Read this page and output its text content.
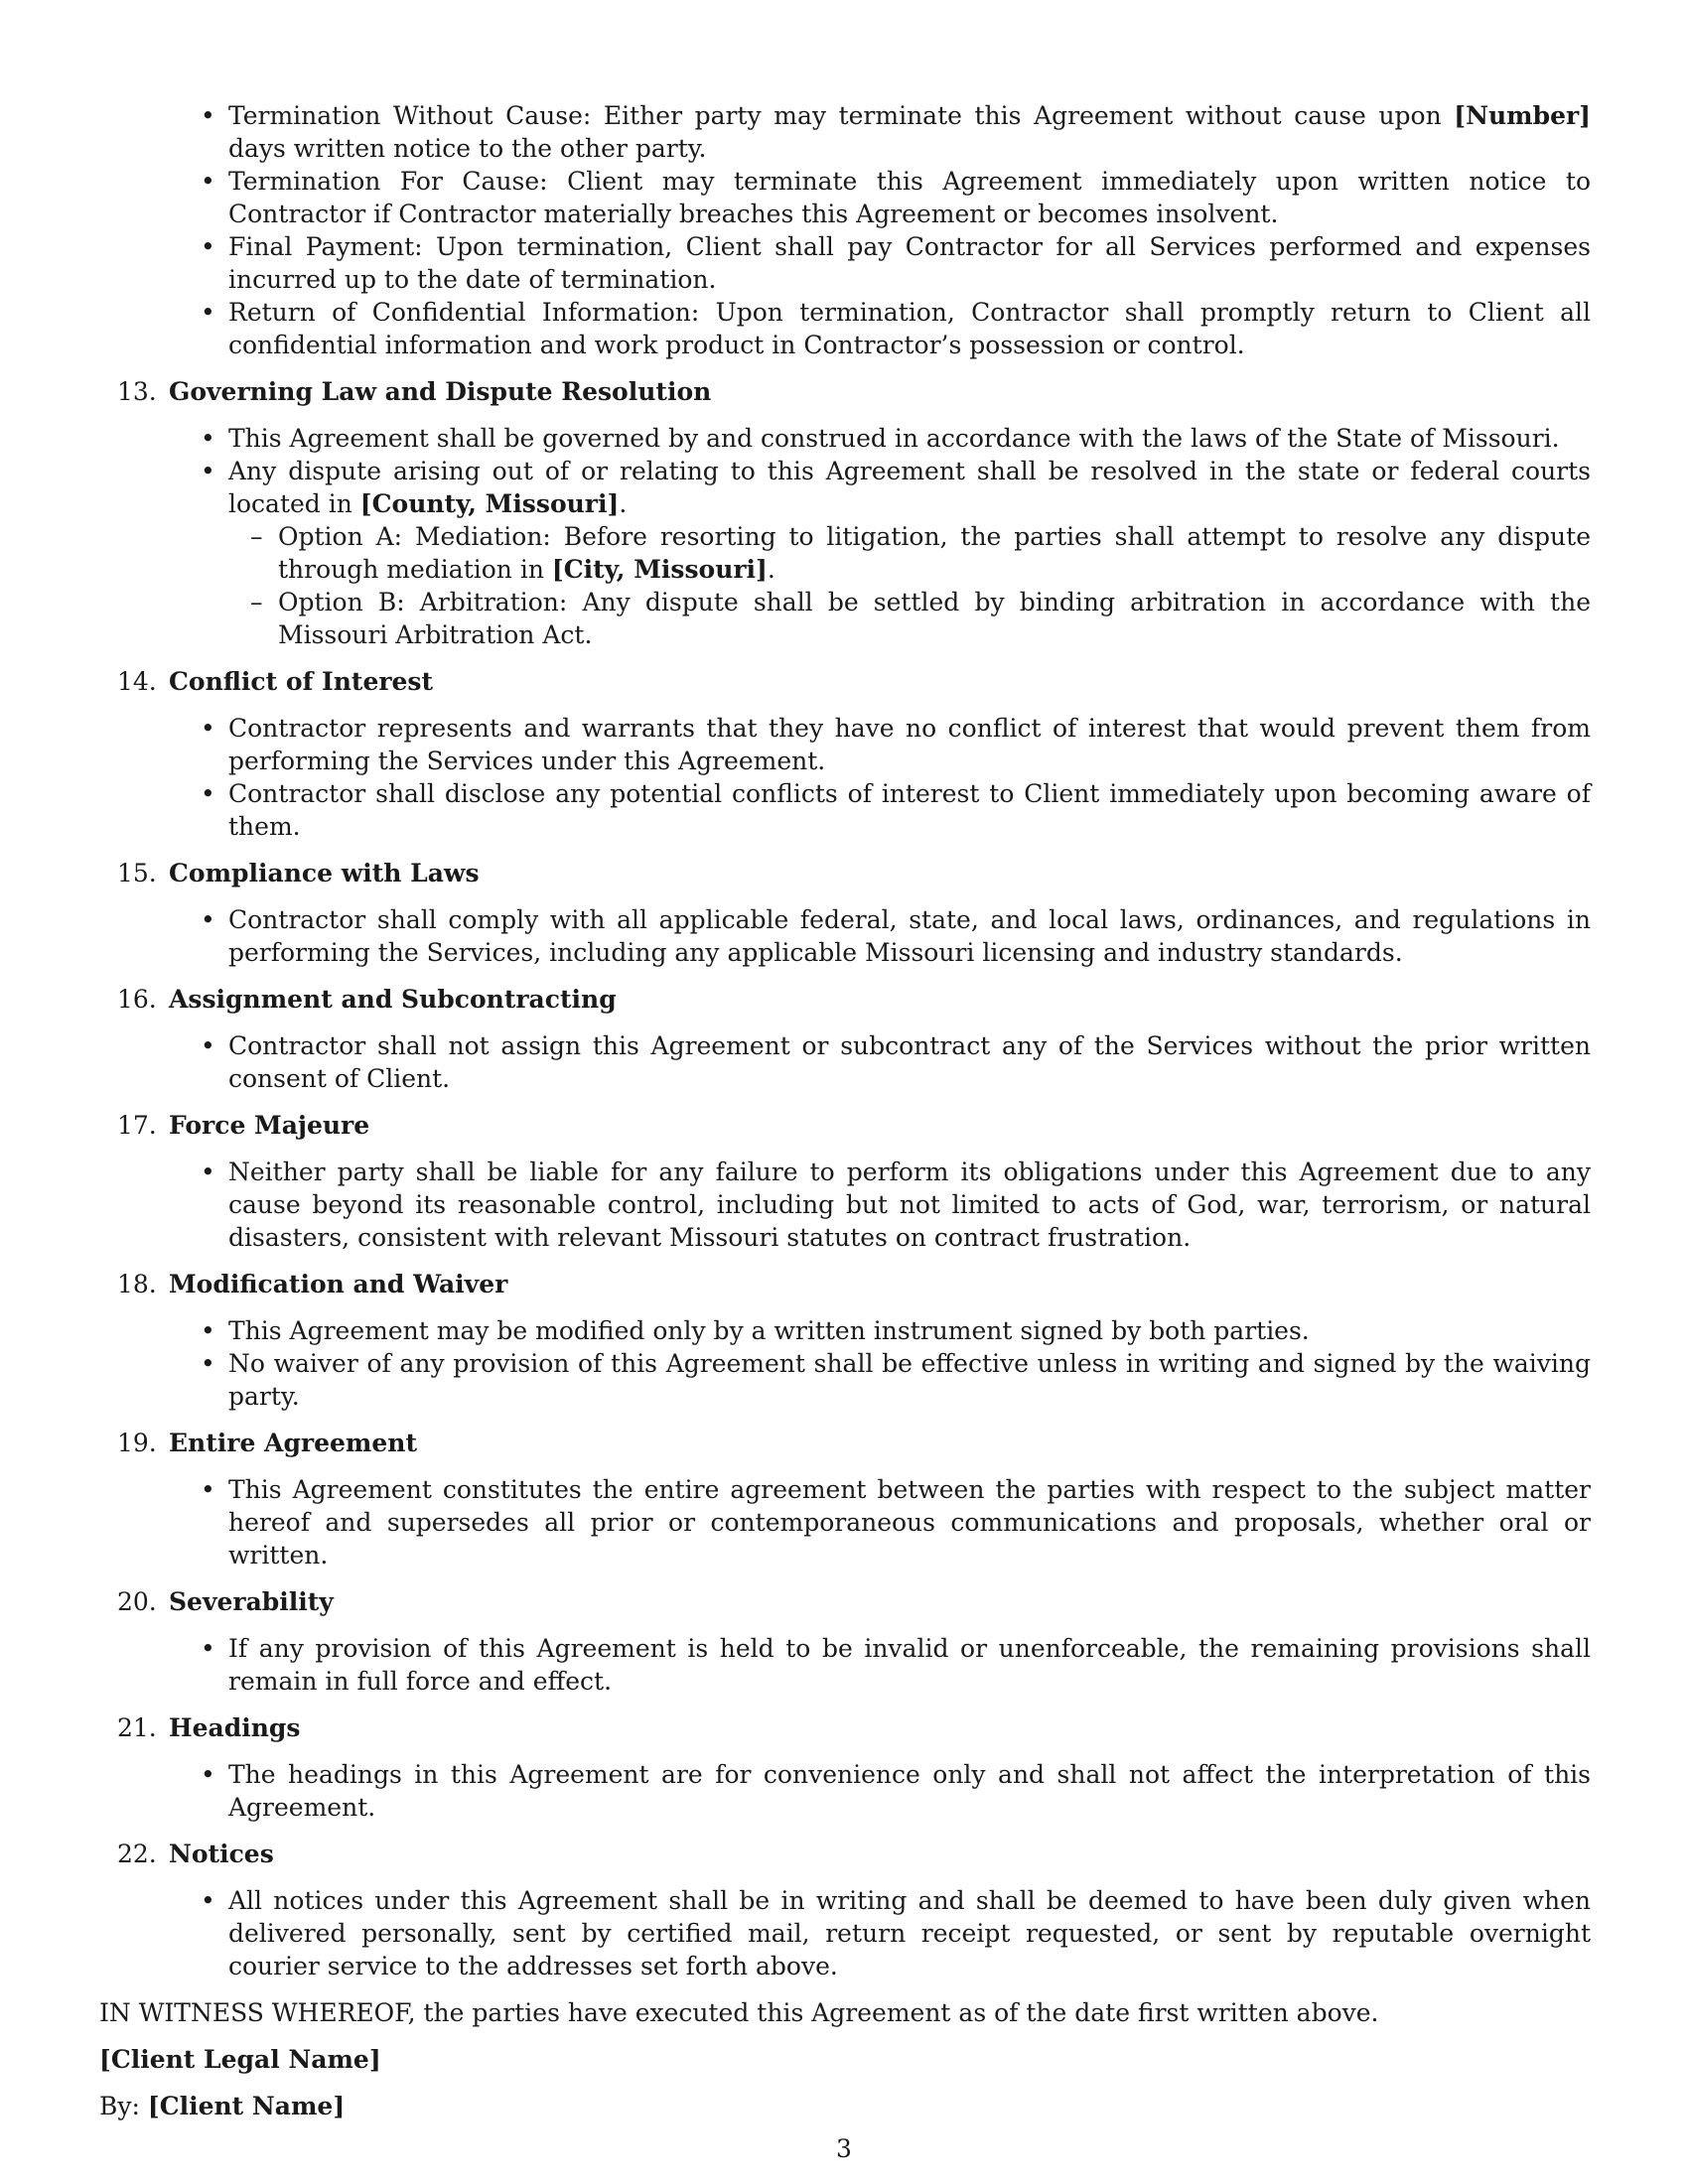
• Termination Without Cause: Either party may terminate this Agreement without cause upon [Number] days written notice to the other party.
• Termination For Cause: Client may terminate this Agreement immediately upon written notice to Contractor if Contractor materially breaches this Agreement or becomes insolvent.
• Final Payment: Upon termination, Client shall pay Contractor for all Services performed and expenses incurred up to the date of termination.
• Return of Confidential Information: Upon termination, Contractor shall promptly return to Client all confidential information and work product in Contractor’s possession or control.
13. Governing Law and Dispute Resolution
• This Agreement shall be governed by and construed in accordance with the laws of the State of Missouri.
• Any dispute arising out of or relating to this Agreement shall be resolved in the state or federal courts located in [County, Missouri].
– Option A: Mediation: Before resorting to litigation, the parties shall attempt to resolve any dispute through mediation in [City, Missouri].
– Option B: Arbitration: Any dispute shall be settled by binding arbitration in accordance with the Missouri Arbitration Act.
14. Conflict of Interest
• Contractor represents and warrants that they have no conflict of interest that would prevent them from performing the Services under this Agreement.
• Contractor shall disclose any potential conflicts of interest to Client immediately upon becoming aware of them.
15. Compliance with Laws
• Contractor shall comply with all applicable federal, state, and local laws, ordinances, and regulations in performing the Services, including any applicable Missouri licensing and industry standards.
16. Assignment and Subcontracting
• Contractor shall not assign this Agreement or subcontract any of the Services without the prior written consent of Client.
17. Force Majeure
• Neither party shall be liable for any failure to perform its obligations under this Agreement due to any cause beyond its reasonable control, including but not limited to acts of God, war, terrorism, or natural disasters, consistent with relevant Missouri statutes on contract frustration.
18. Modification and Waiver
• This Agreement may be modified only by a written instrument signed by both parties.
• No waiver of any provision of this Agreement shall be effective unless in writing and signed by the waiving party.
19. Entire Agreement
• This Agreement constitutes the entire agreement between the parties with respect to the subject matter hereof and supersedes all prior or contemporaneous communications and proposals, whether oral or written.
20. Severability
• If any provision of this Agreement is held to be invalid or unenforceable, the remaining provisions shall remain in full force and effect.
21. Headings
• The headings in this Agreement are for convenience only and shall not affect the interpretation of this Agreement.
22. Notices
• All notices under this Agreement shall be in writing and shall be deemed to have been duly given when delivered personally, sent by certified mail, return receipt requested, or sent by reputable overnight courier service to the addresses set forth above.
IN WITNESS WHEREOF, the parties have executed this Agreement as of the date first written above.
[Client Legal Name]
By: [Client Name]
3
